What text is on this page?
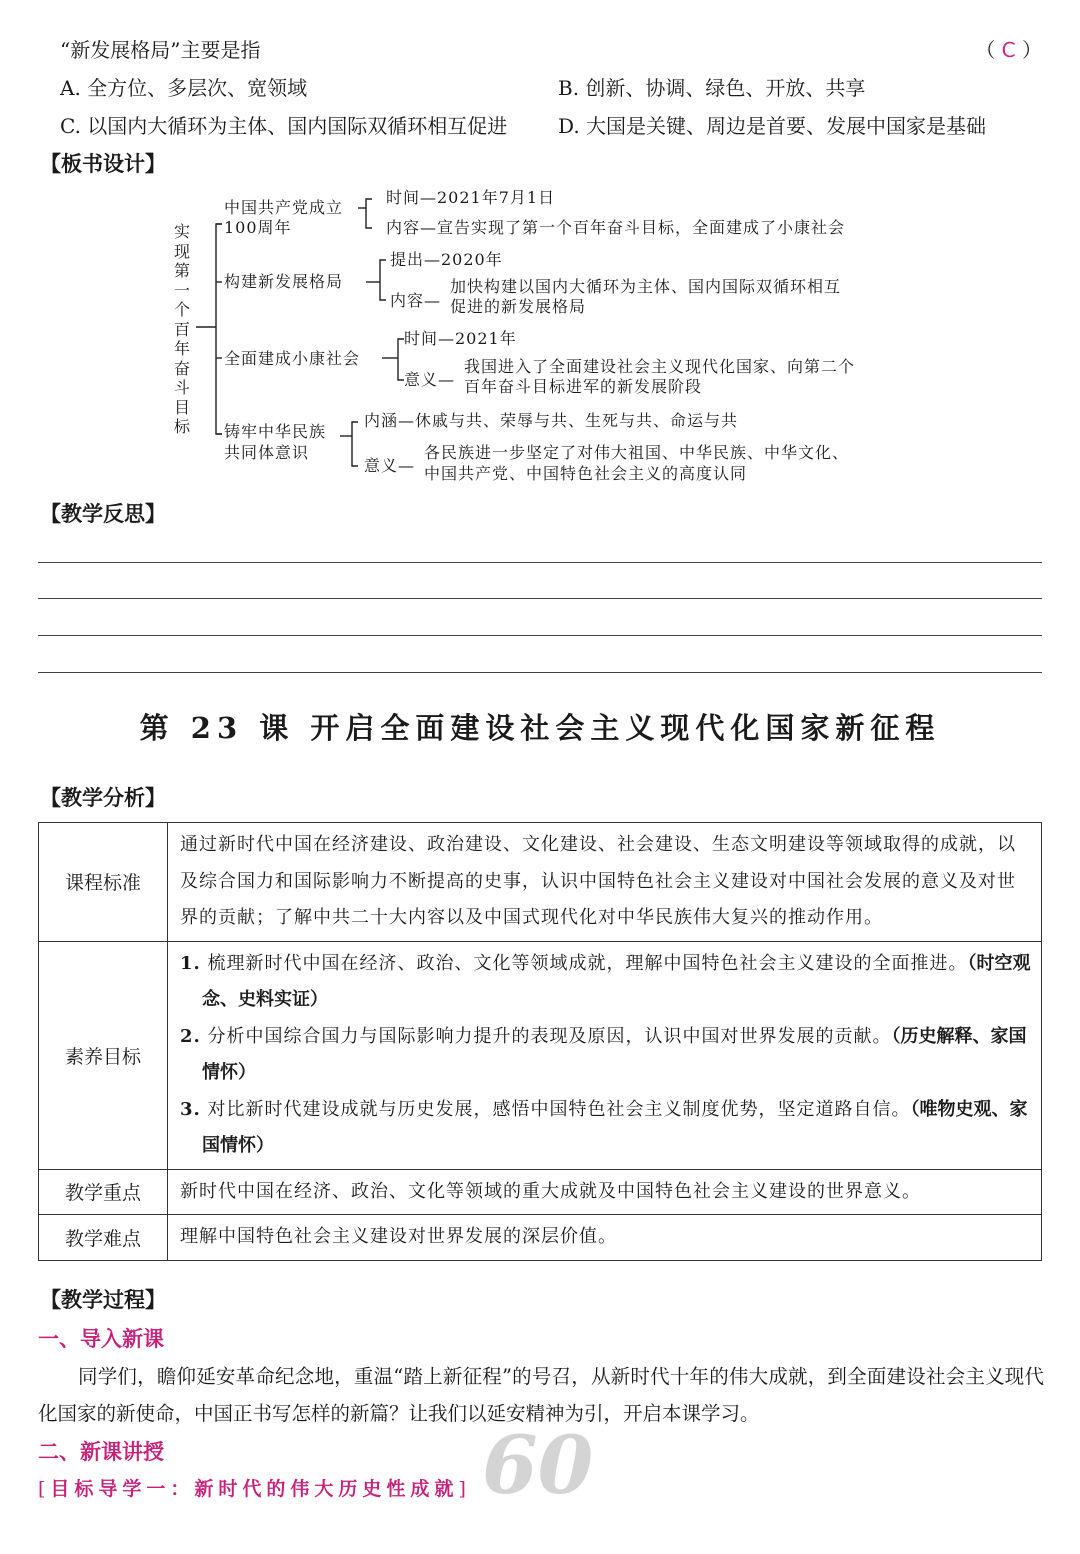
“新发展格局”主要是指	（ C ）
A. 全方位、多层次、宽领域	B. 创新、协调、绿色、开放、共享
C. 以国内大循环为主体、国内国际双循环相互促进	D. 大国是关键、周边是首要、发展中国家是基础
【板书设计】
实现第一个百年奋斗目标
中国共产党成立
100周年
时间—2021年7月1日
内容—宣告实现了第一个百年奋斗目标，全面建成了小康社会
构建新发展格局
提出—2020年
内容—
加快构建以国内大循环为主体、国内国际双循环相互
促进的新发展格局
全面建成小康社会
时间—2021年
意义—
我国进入了全面建设社会主义现代化国家、向第二个
百年奋斗目标进军的新发展阶段
铸牢中华民族
共同体意识
内涵—休戚与共、荣辱与共、生死与共、命运与共
意义—
各民族进一步坚定了对伟大祖国、中华民族、中华文化、
中国共产党、中国特色社会主义的高度认同
【教学反思】
第 23 课 开启全面建设社会主义现代化国家新征程
【教学分析】
课程标准	通过新时代中国在经济建设、政治建设、文化建设、社会建设、生态文明建设等领域取得的成就，以及综合国力和国际影响力不断提高的史事，认识中国特色社会主义建设对中国社会发展的意义及对世界的贡献；了解中共二十大内容以及中国式现代化对中华民族伟大复兴的推动作用。
素养目标	1. 梳理新时代中国在经济、政治、文化等领域成就，理解中国特色社会主义建设的全面推进。（时空观念、史料实证）
2. 分析中国综合国力与国际影响力提升的表现及原因，认识中国对世界发展的贡献。（历史解释、家国情怀）
3. 对比新时代建设成就与历史发展，感悟中国特色社会主义制度优势，坚定道路自信。（唯物史观、家国情怀）

教学重点	新时代中国在经济、政治、文化等领域的重大成就及中国特色社会主义建设的世界意义。
教学难点	理解中国特色社会主义建设对世界发展的深层价值。
【教学过程】
一、导入新课
同学们，瞻仰延安革命纪念地，重温“踏上新征程”的号召，从新时代十年的伟大成就，到全面建设社会主义现代化国家的新使命，中国正书写怎样的新篇？让我们以延安精神为引，开启本课学习。
二、新课讲授	60
[目标导学一：新时代的伟大历史性成就]
